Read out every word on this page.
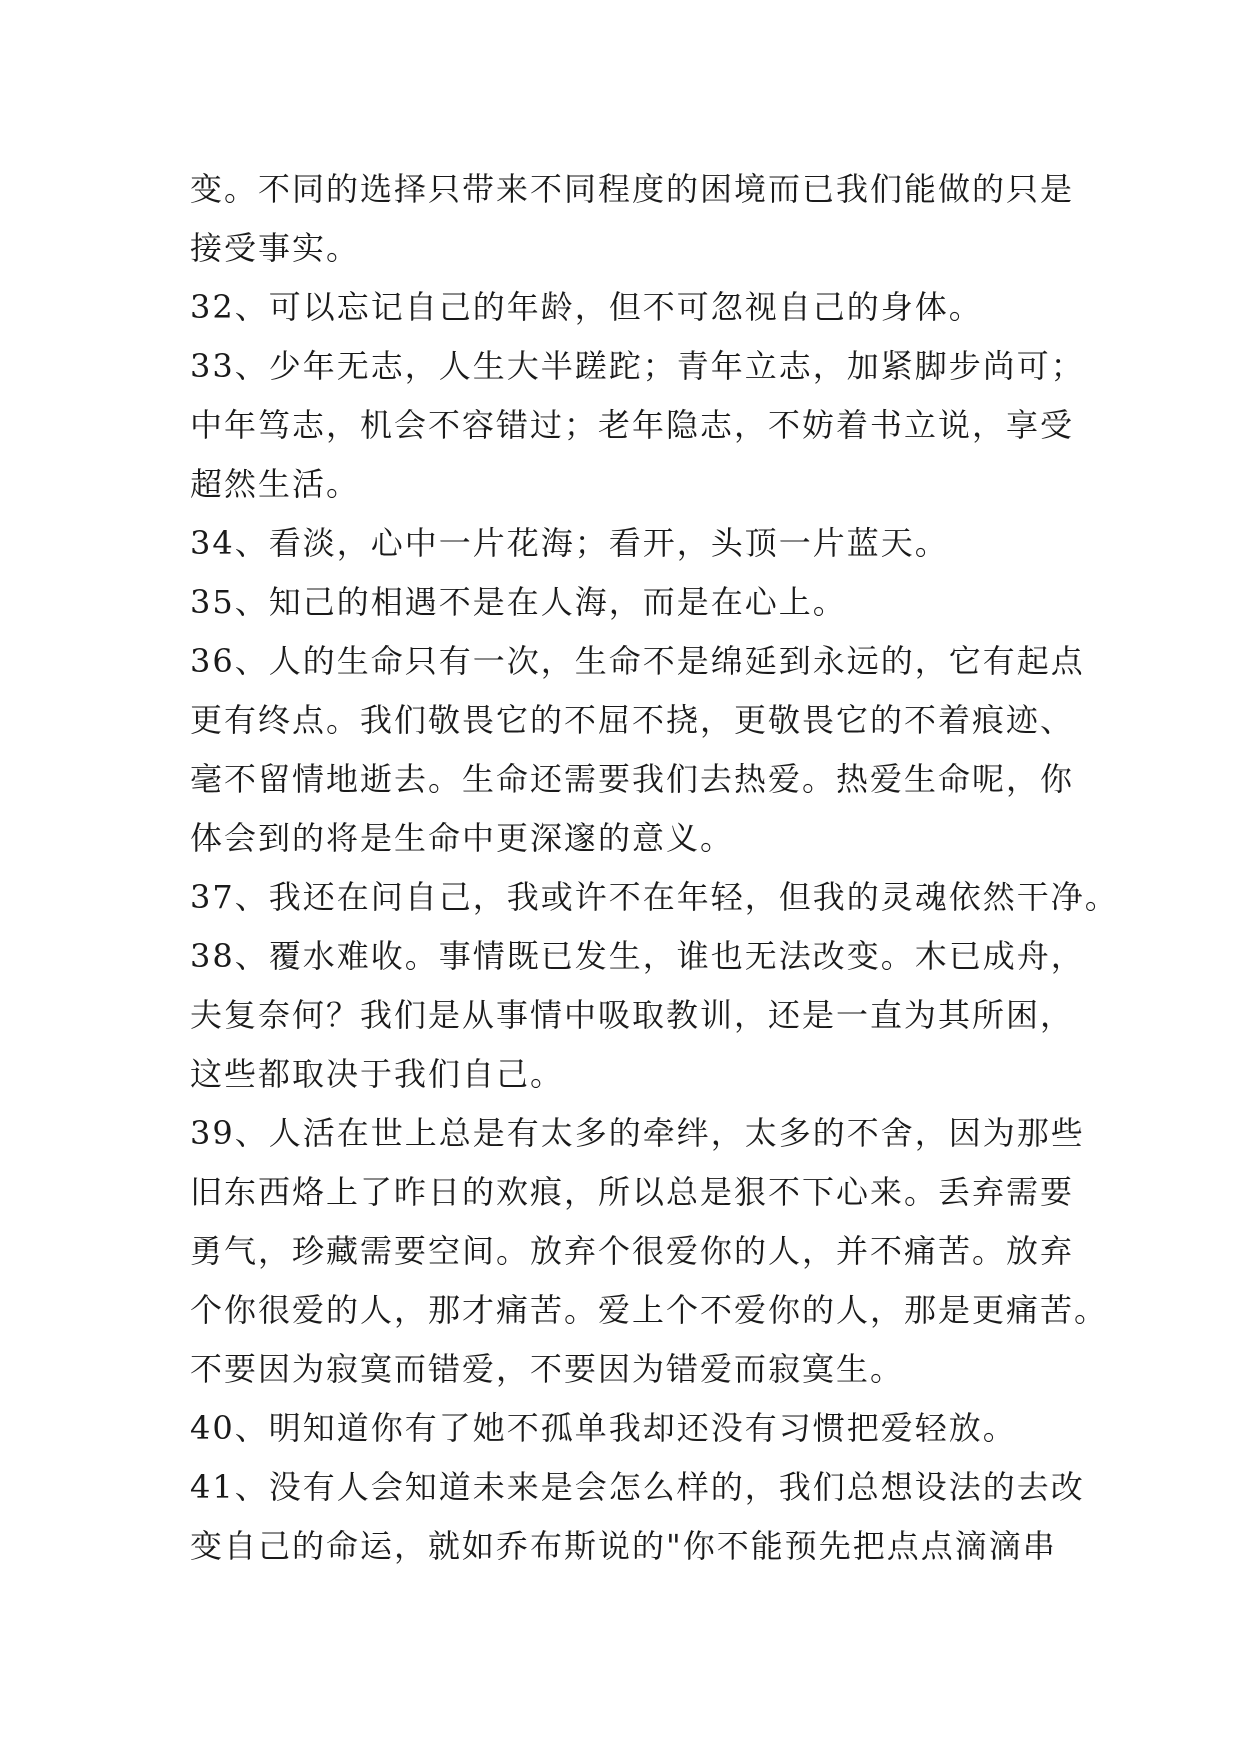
变。不同的选择只带来不同程度的困境而已我们能做的只是
接受事实。
32、可以忘记自己的年龄，但不可忽视自己的身体。
33、少年无志，人生大半蹉跎；青年立志，加紧脚步尚可；
中年笃志，机会不容错过；老年隐志，不妨着书立说，享受
超然生活。
34、看淡，心中一片花海；看开，头顶一片蓝天。
35、知己的相遇不是在人海，而是在心上。
36、人的生命只有一次，生命不是绵延到永远的，它有起点
更有终点。我们敬畏它的不屈不挠，更敬畏它的不着痕迹、
毫不留情地逝去。生命还需要我们去热爱。热爱生命呢，你
体会到的将是生命中更深邃的意义。
37、我还在问自己，我或许不在年轻，但我的灵魂依然干净。
38、覆水难收。事情既已发生，谁也无法改变。木已成舟，
夫复奈何？我们是从事情中吸取教训，还是一直为其所困，
这些都取决于我们自己。
39、人活在世上总是有太多的牵绊，太多的不舍，因为那些
旧东西烙上了昨日的欢痕，所以总是狠不下心来。丢弃需要
勇气，珍藏需要空间。放弃个很爱你的人，并不痛苦。放弃
个你很爱的人，那才痛苦。爱上个不爱你的人，那是更痛苦。
不要因为寂寞而错爱，不要因为错爱而寂寞生。
40、明知道你有了她不孤单我却还没有习惯把爱轻放。
41、没有人会知道未来是会怎么样的，我们总想设法的去改
变自己的命运，就如乔布斯说的"你不能预先把点点滴滴串
